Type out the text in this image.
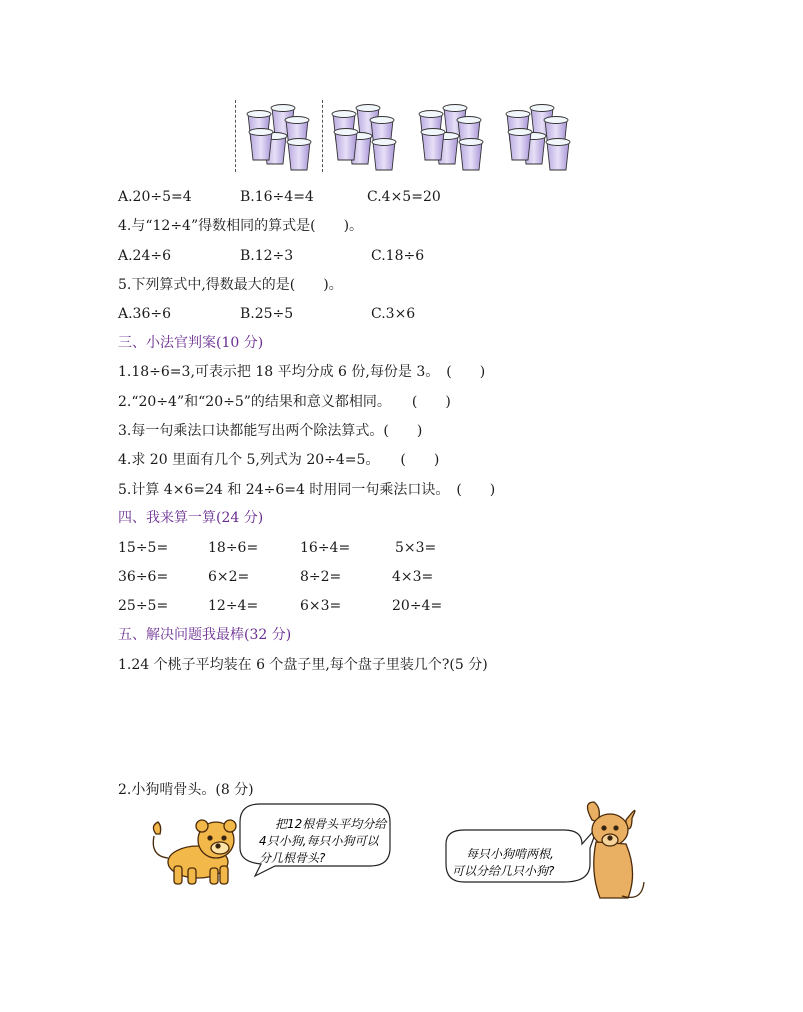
A.20÷5=4	B.16÷4=4	C.4×5=20
4.与“12÷4”得数相同的算式是(　　)。
A.24÷6	B.12÷3	C.18÷6
5.下列算式中,得数最大的是(　　)。
A.36÷6	B.25÷5	C.3×6
三、小法官判案(10 分)
1.18÷6=3,可表示把 18 平均分成 6 份,每份是 3。　(　　)
2.“20÷4”和“20÷5”的结果和意义都相同。　　(　　)
3.每一句乘法口诀都能写出两个除法算式。(　　)
4.求 20 里面有几个 5,列式为 20÷4=5。　　(　　)
5.计算 4×6=24 和 24÷6=4 时用同一句乘法口诀。　(　　)
四、我来算一算(24 分)
15÷5=	18÷6=	16÷4=	5×3=
36÷6=	6×2=	8÷2=	4×3=
25÷5=	12÷4=	6×3=	20÷4=
五、解决问题我最棒(32 分)
1.24 个桃子平均装在 6 个盘子里,每个盘子里装几个?(5 分)
2.小狗啃骨头。(8 分)
把12根骨头平均分给
4只小狗,每只小狗可以
分几根骨头?	每只小狗啃两根,
可以分给几只小狗?
